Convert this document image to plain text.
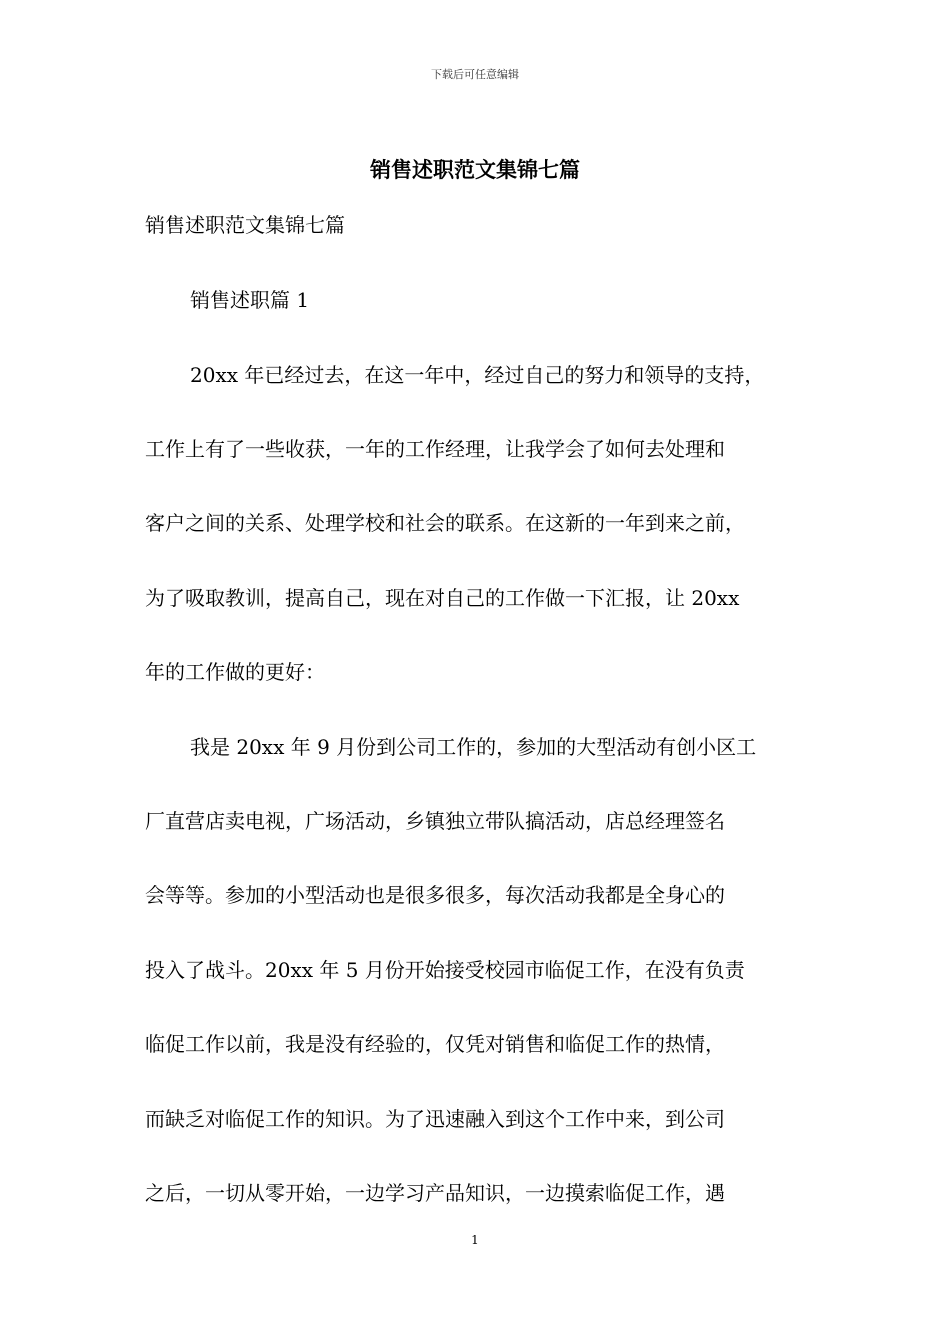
下载后可任意编辑
销售述职范文集锦七篇
销售述职范文集锦七篇
销售述职篇 1
20xx 年已经过去，在这一年中，经过自己的努力和领导的支持，
工作上有了一些收获，一年的工作经理，让我学会了如何去处理和
客户之间的关系、处理学校和社会的联系。在这新的一年到来之前，
为了吸取教训，提高自己，现在对自己的工作做一下汇报，让 20xx
年的工作做的更好：
我是 20xx 年 9 月份到公司工作的，参加的大型活动有创小区工
厂直营店卖电视，广场活动，乡镇独立带队搞活动，店总经理签名
会等等。参加的小型活动也是很多很多，每次活动我都是全身心的
投入了战斗。20xx 年 5 月份开始接受校园市临促工作，在没有负责
临促工作以前，我是没有经验的，仅凭对销售和临促工作的热情，
而缺乏对临促工作的知识。为了迅速融入到这个工作中来，到公司
之后，一切从零开始，一边学习产品知识，一边摸索临促工作，遇
1
